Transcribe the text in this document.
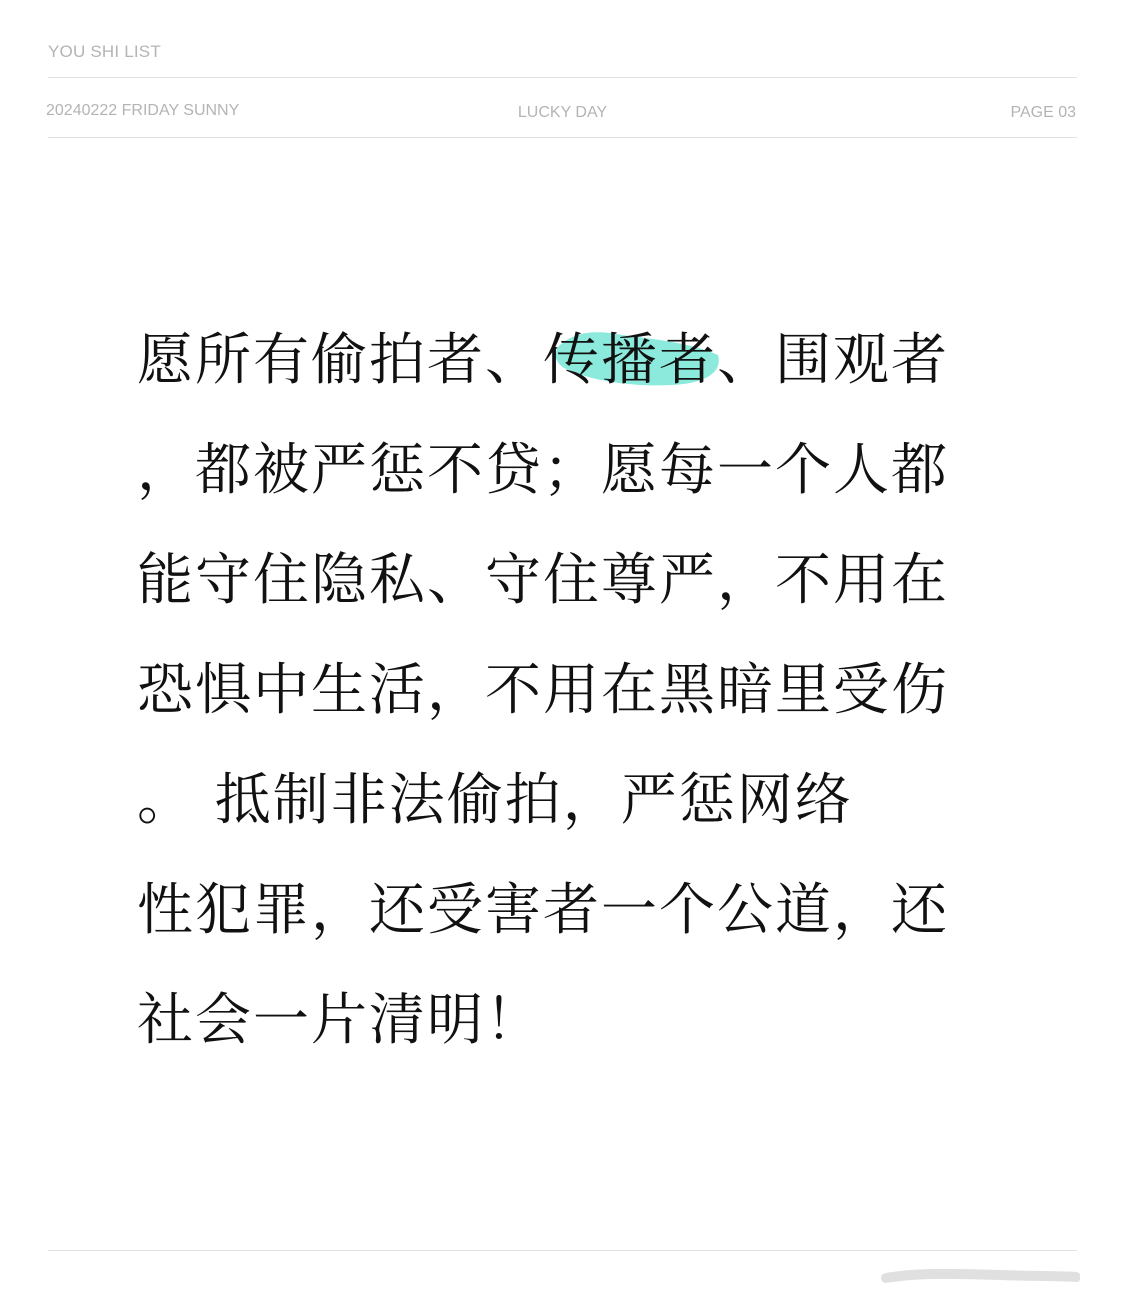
YOU SHI LIST
20240222 FRIDAY SUNNY	LUCKY DAY	PAGE 03
愿所有偷拍者、传播者、围观者
，都被严惩不贷；愿每一个人都
能守住隐私、守住尊严，不用在
恐惧中生活，不用在黑暗里受伤
。 抵制非法偷拍，严惩网络
性犯罪，还受害者一个公道，还
社会一片清明！
